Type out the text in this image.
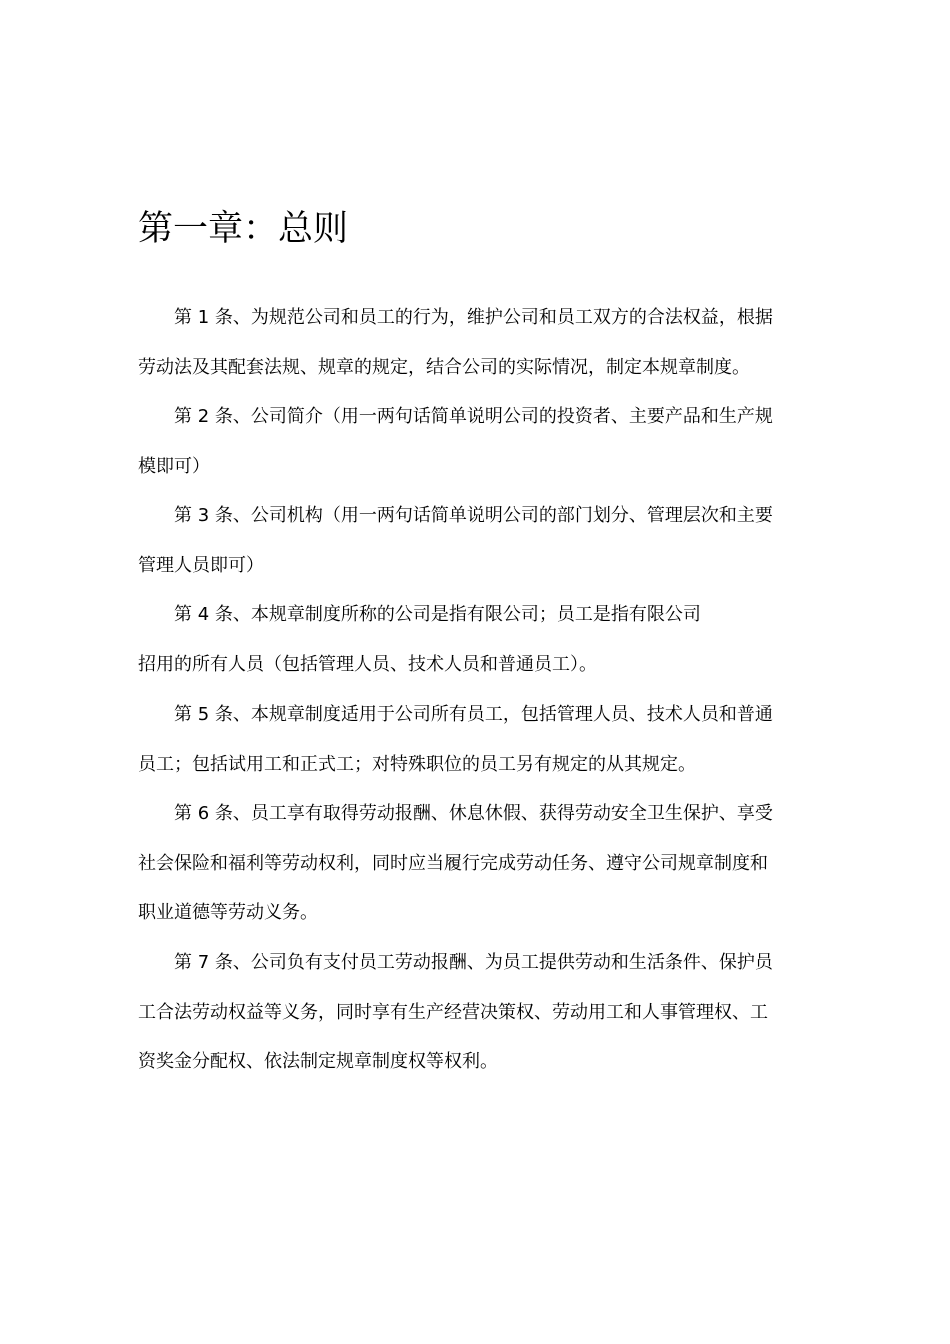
第一章：总则

第 1 条、为规范公司和员工的行为，维护公司和员工双方的合法权益，根据
劳动法及其配套法规、规章的规定，结合公司的实际情况，制定本规章制度。

第 2 条、公司简介（用一两句话简单说明公司的投资者、主要产品和生产规
模即可）

第 3 条、公司机构（用一两句话简单说明公司的部门划分、管理层次和主要
管理人员即可）

第 4 条、本规章制度所称的公司是指有限公司；员工是指有限公司
招用的所有人员（包括管理人员、技术人员和普通员工）。

第 5 条、本规章制度适用于公司所有员工，包括管理人员、技术人员和普通
员工；包括试用工和正式工；对特殊职位的员工另有规定的从其规定。

第 6 条、员工享有取得劳动报酬、休息休假、获得劳动安全卫生保护、享受
社会保险和福利等劳动权利，同时应当履行完成劳动任务、遵守公司规章制度和
职业道德等劳动义务。

第 7 条、公司负有支付员工劳动报酬、为员工提供劳动和生活条件、保护员
工合法劳动权益等义务，同时享有生产经营决策权、劳动用工和人事管理权、工
资奖金分配权、依法制定规章制度权等权利。
